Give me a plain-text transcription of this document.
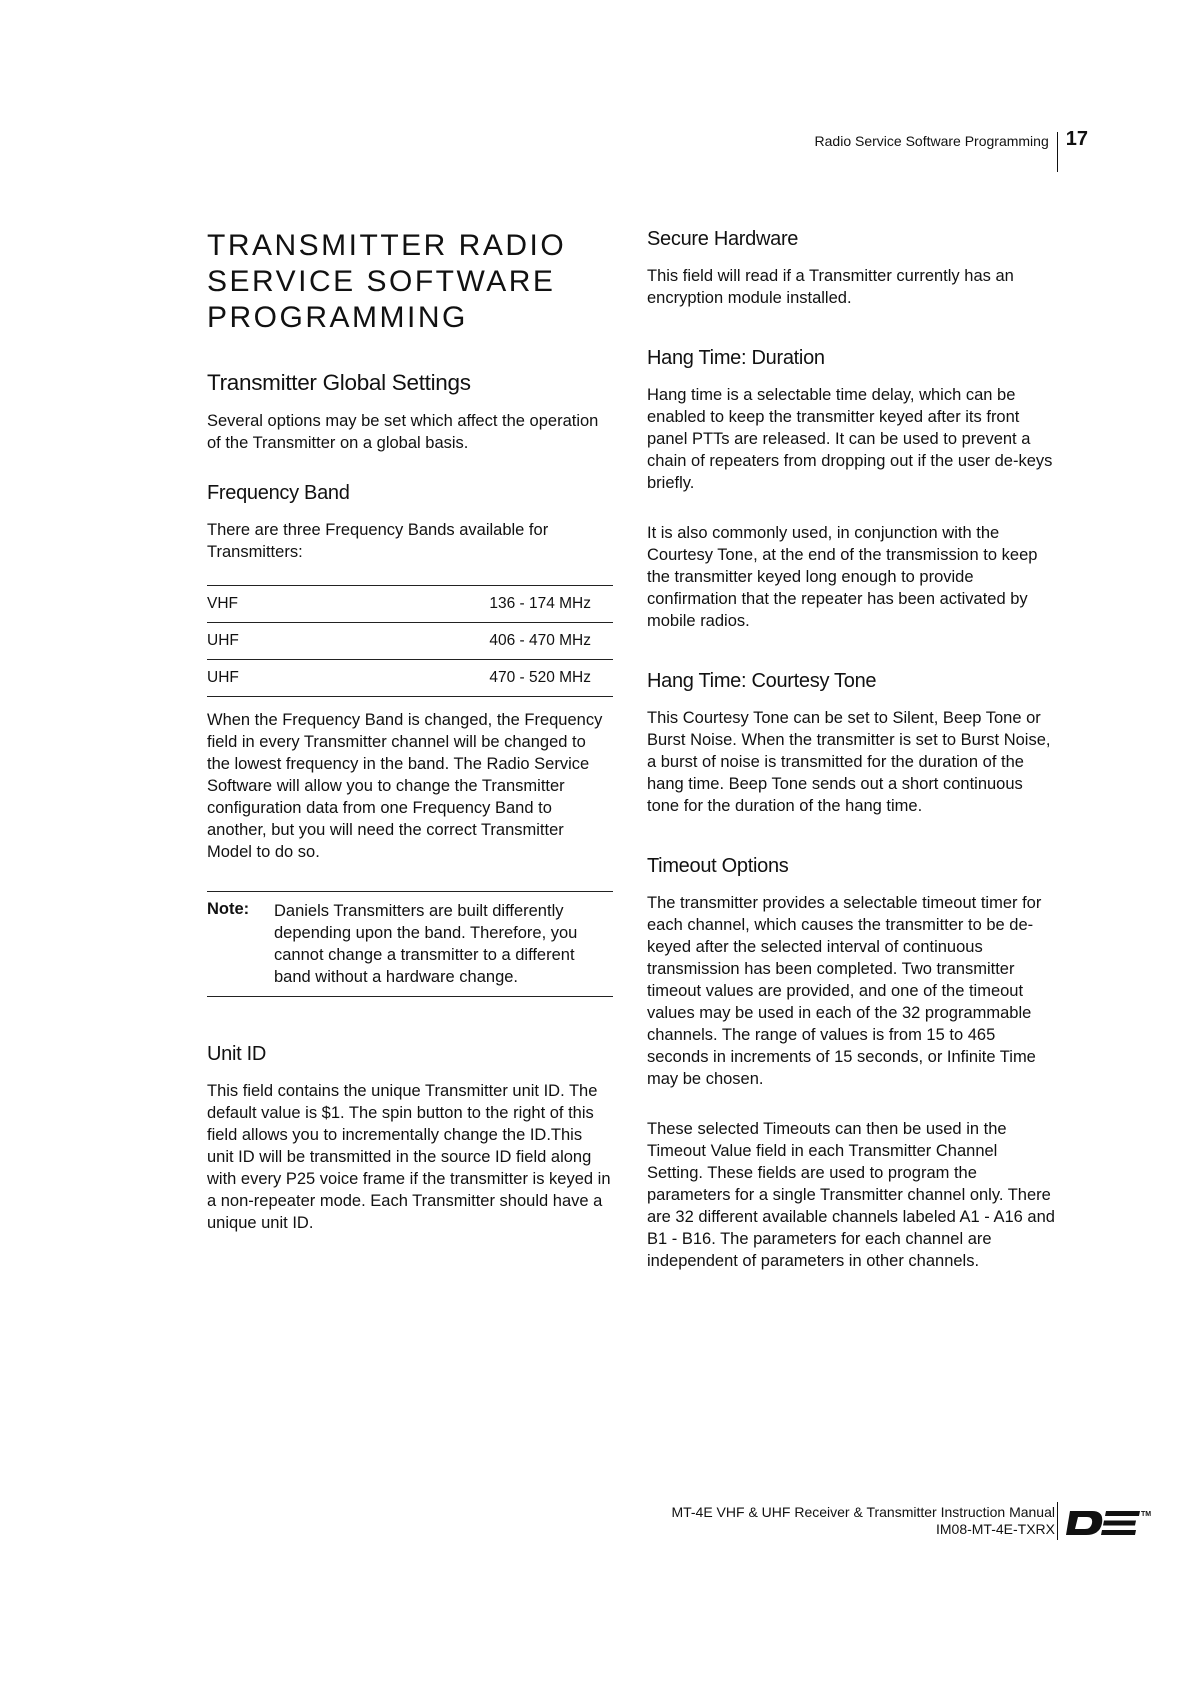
Radio Service Software Programming 17
TRANSMITTER RADIO
SERVICE SOFTWARE
PROGRAMMING
Transmitter Global Settings

Several options may be set which affect the operation of the Transmitter on a global basis.

Frequency Band

There are three Frequency Bands available for Transmitters:

VHF	136 - 174 MHz
UHF	406 - 470 MHz
UHF	470 - 520 MHz

When the Frequency Band is changed, the Frequency field in every Transmitter channel will be changed to the lowest frequency in the band. The Radio Service Software will allow you to change the Transmitter configuration data from one Frequency Band to another, but you will need the correct Transmitter Model to do so.

Note:	Daniels Transmitters are built differently depending upon the band. Therefore, you cannot change a transmitter to a different band without a hardware change.

Unit ID

This field contains the unique Transmitter unit ID. The default value is $1. The spin button to the right of this field allows you to incrementally change the ID.This unit ID will be transmitted in the source ID field along with every P25 voice frame if the transmitter is keyed in a non-repeater mode. Each Transmitter should have a unique unit ID.

Secure Hardware

This field will read if a Transmitter currently has an encryption module installed.

Hang Time: Duration

Hang time is a selectable time delay, which can be enabled to keep the transmitter keyed after its front panel PTTs are released. It can be used to prevent a chain of repeaters from dropping out if the user de-keys briefly.

It is also commonly used, in conjunction with the Courtesy Tone, at the end of the transmission to keep the transmitter keyed long enough to provide confirmation that the repeater has been activated by mobile radios.

Hang Time: Courtesy Tone

This Courtesy Tone can be set to Silent, Beep Tone or Burst Noise. When the transmitter is set to Burst Noise, a burst of noise is transmitted for the duration of the hang time. Beep Tone sends out a short continuous tone for the duration of the hang time.

Timeout Options

The transmitter provides a selectable timeout timer for each channel, which causes the transmitter to be de-keyed after the selected interval of continuous transmission has been completed. Two transmitter timeout values are provided, and one of the timeout values may be used in each of the 32 programmable channels. The range of values is from 15 to 465 seconds in increments of 15 seconds, or Infinite Time may be chosen.

These selected Timeouts can then be used in the Timeout Value field in each Transmitter Channel Setting. These fields are used to program the parameters for a single Transmitter channel only. There are 32 different available channels labeled A1 - A16 and B1 - B16. The parameters for each channel are independent of parameters in other channels.

MT-4E VHF & UHF Receiver & Transmitter Instruction Manual
IM08-MT-4E-TXRX
TM
